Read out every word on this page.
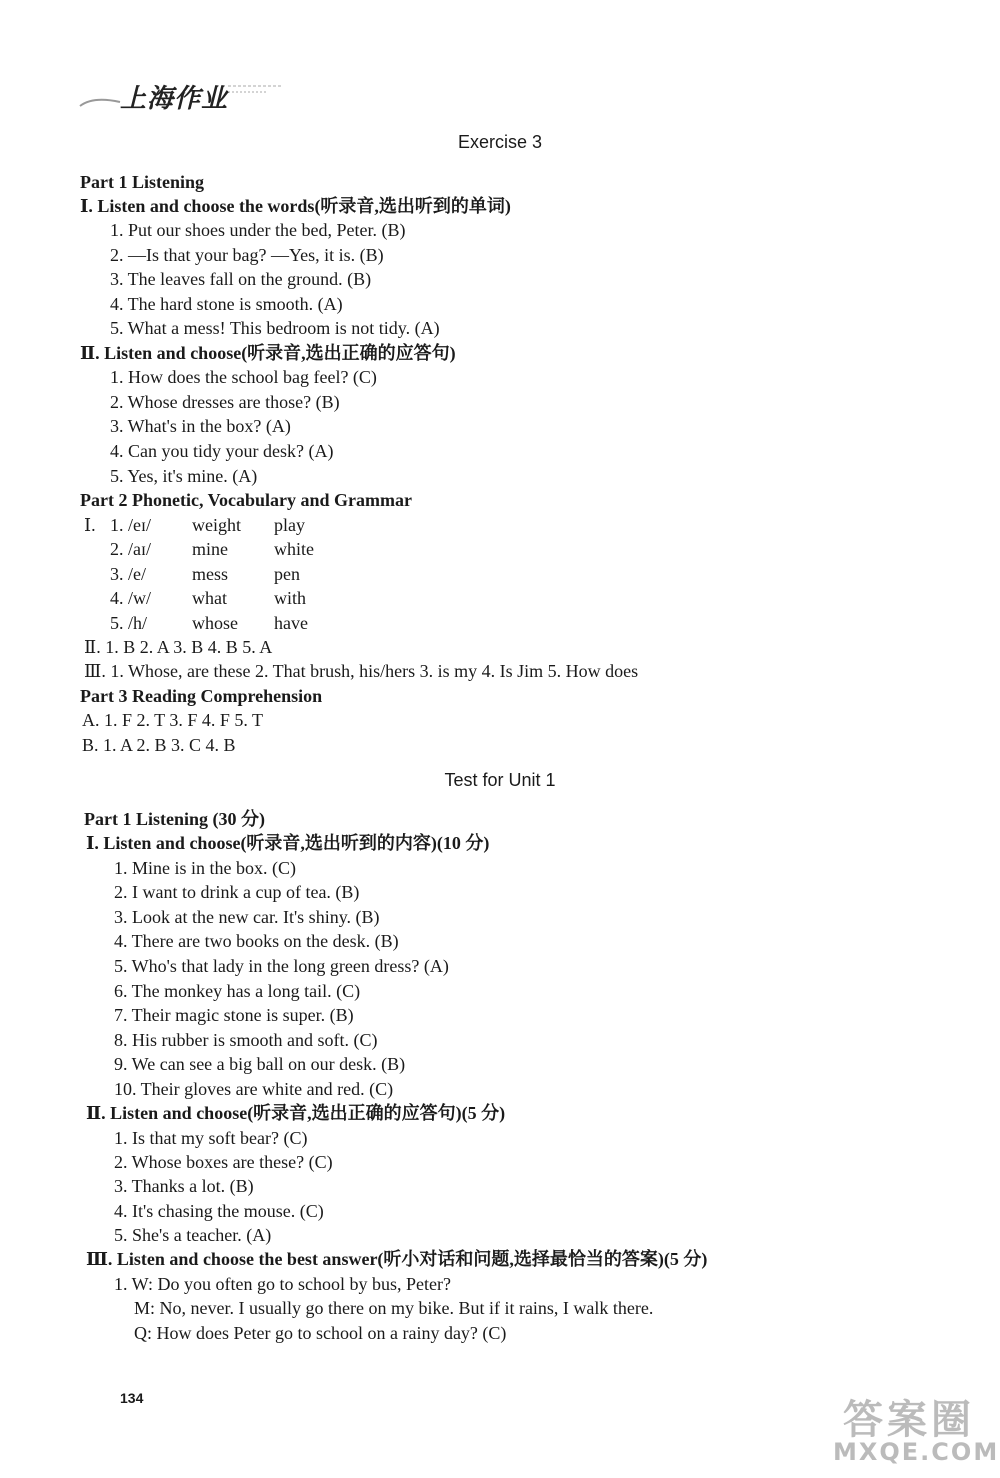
上海作业
Exercise 3
Part 1 Listening
Ⅰ. Listen and choose the words(听录音,选出听到的单词)
1. Put our shoes under the bed, Peter. (B)
2. —Is that your bag? —Yes, it is. (B)
3. The leaves fall on the ground. (B)
4. The hard stone is smooth. (A)
5. What a mess! This bedroom is not tidy. (A)
Ⅱ. Listen and choose(听录音,选出正确的应答句)
1. How does the school bag feel? (C)
2. Whose dresses are those? (B)
3. What's in the box? (A)
4. Can you tidy your desk? (A)
5. Yes, it's mine. (A)
Part 2 Phonetic, Vocabulary and Grammar
Ⅰ. 1. /eɪ/ weight play
2. /aɪ/ mine	white
3. /e/	mess	pen
4. /w/ what	with
5. /h/ whose have
Ⅱ. 1. B 2. A 3. B 4. B 5. A
Ⅲ. 1. Whose, are these 2. That brush, his/hers 3. is my 4. Is Jim 5. How does
Part 3 Reading Comprehension
A. 1. F 2. T 3. F 4. F 5. T
B. 1. A 2. B 3. C 4. B
Test for Unit 1
Part 1 Listening (30 分)
Ⅰ. Listen and choose(听录音,选出听到的内容)(10 分)
1. Mine is in the box. (C)
2. I want to drink a cup of tea. (B)
3. Look at the new car. It's shiny. (B)
4. There are two books on the desk. (B)
5. Who's that lady in the long green dress? (A)
6. The monkey has a long tail. (C)
7. Their magic stone is super. (B)
8. His rubber is smooth and soft. (C)
9. We can see a big ball on our desk. (B)
10. Their gloves are white and red. (C)
Ⅱ. Listen and choose(听录音,选出正确的应答句)(5 分)
1. Is that my soft bear? (C)
2. Whose boxes are these? (C)
3. Thanks a lot. (B)
4. It's chasing the mouse. (C)
5. She's a teacher. (A)
Ⅲ. Listen and choose the best answer(听小对话和问题,选择最恰当的答案)(5 分)
1. W: Do you often go to school by bus, Peter?
M: No, never. I usually go there on my bike. But if it rains, I walk there.
Q: How does Peter go to school on a rainy day? (C)
134	答案圈
MXQE.COM
